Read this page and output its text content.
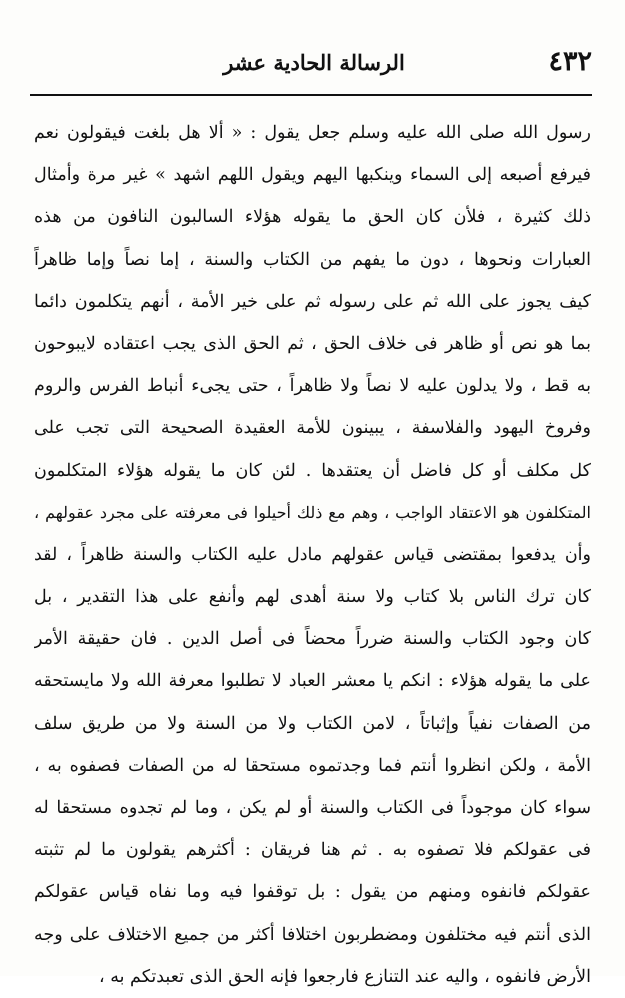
٤٣٢
الرسالة الحادية عشر
رسول الله صلى الله عليه وسلم جعل يقول : « ألا هل بلغت فيقولون نعم
فيرفع أصبعه إلى السماء وينكبها اليهم ويقول اللهم اشهد » غير مرة وأمثال
ذلك كثيرة ، فلأن كان الحق ما يقوله هؤلاء السالبون النافون من هذه
العبارات ونحوها ، دون ما يفهم من الكتاب والسنة ، إما نصاً وإما ظاهراً
كيف يجوز على الله ثم على رسوله ثم على خير الأمة ، أنهم يتكلمون دائما
بما هو نص أو ظاهر فى خلاف الحق ، ثم الحق الذى يجب اعتقاده لايبوحون
به قط ، ولا يدلون عليه لا نصاً ولا ظاهراً ، حتى يجىء أنباط الفرس والروم
وفروخ اليهود والفلاسفة ، يبينون للأمة العقيدة الصحيحة التى تجب على
كل مكلف أو كل فاضل أن يعتقدها . لئن كان ما يقوله هؤلاء المتكلمون
المتكلفون هو الاعتقاد الواجب ، وهم مع ذلك أحيلوا فى معرفته على مجرد عقولهم ،
وأن يدفعوا بمقتضى قياس عقولهم مادل عليه الكتاب والسنة ظاهراً ، لقد
كان ترك الناس بلا كتاب ولا سنة أهدى لهم وأنفع على هذا التقدير ، بل
كان وجود الكتاب والسنة ضرراً محضاً فى أصل الدين . فان حقيقة الأمر
على ما يقوله هؤلاء : انكم يا معشر العباد لا تطلبوا معرفة الله ولا مايستحقه
من الصفات نفياً وإثباتاً ، لامن الكتاب ولا من السنة ولا من طريق سلف
الأمة ، ولكن انظروا أنتم فما وجدتموه مستحقا له من الصفات فصفوه به ،
سواء كان موجوداً فى الكتاب والسنة أو لم يكن ، وما لم تجدوه مستحقا له
فى عقولكم فلا تصفوه به . ثم هنا فريقان : أكثرهم يقولون ما لم تثبته
عقولكم فانفوه ومنهم من يقول : بل توقفوا فيه وما نفاه قياس عقولكم
الذى أنتم فيه مختلفون ومضطربون اختلافا أكثر من جميع الاختلاف على وجه
الأرض فانفوه ، واليه عند التنازع فارجعوا فإنه الحق الذى تعبدتكم به ،
